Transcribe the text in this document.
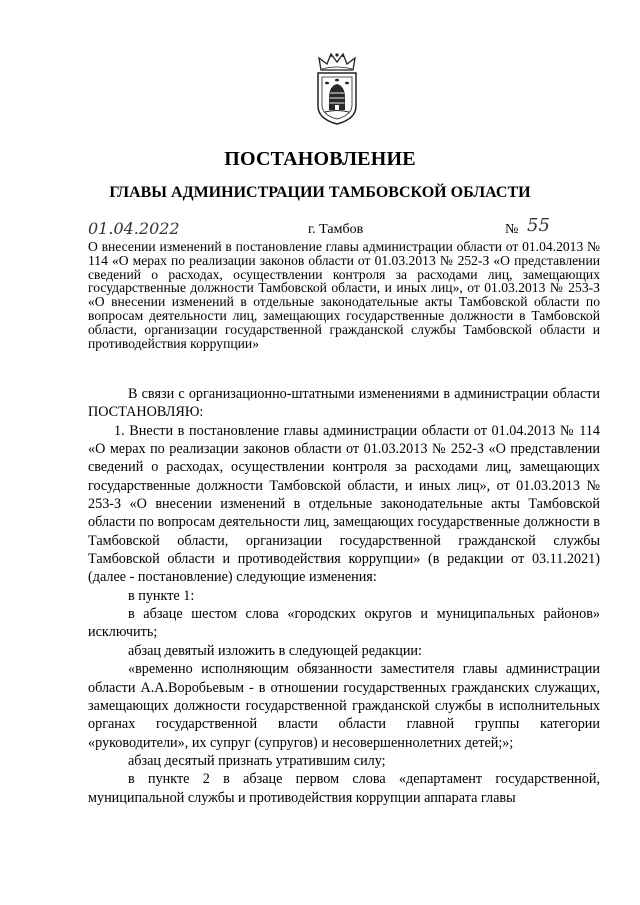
ПОСТАНОВЛЕНИЕ
ГЛАВЫ АДМИНИСТРАЦИИ ТАМБОВСКОЙ ОБЛАСТИ
01.04.2022	г. Тамбов	№ 55

О внесении изменений в постановление главы администрации области от 01.04.2013 № 114 «О мерах по реализации законов области от 01.03.2013 № 252-З «О представлении сведений о расходах, осуществлении контроля за расходами лиц, замещающих государственные должности Тамбовской области, и иных лиц», от 01.03.2013 № 253-З «О внесении изменений в отдельные законодательные акты Тамбовской области по вопросам деятельности лиц, замещающих государственные должности в Тамбовской области, организации государственной гражданской службы Тамбовской области и противодействия коррупции»

В связи с организационно-штатными изменениями в администрации области ПОСТАНОВЛЯЮ:

1. Внести в постановление главы администрации области от 01.04.2013 № 114 «О мерах по реализации законов области от 01.03.2013 № 252-З «О представлении сведений о расходах, осуществлении контроля за расходами лиц, замещающих государственные должности Тамбовской области, и иных лиц», от 01.03.2013 № 253-З «О внесении изменений в отдельные законодательные акты Тамбовской области по вопросам деятельности лиц, замещающих государственные должности в Тамбовской области, организации государственной гражданской службы Тамбовской области и противодействия коррупции» (в редакции от 03.11.2021) (далее - постановление) следующие изменения:

в пункте 1:

в абзаце шестом слова «городских округов и муниципальных районов» исключить;

абзац девятый изложить в следующей редакции:

«временно исполняющим обязанности заместителя главы администрации области А.А.Воробьевым - в отношении государственных гражданских служащих, замещающих должности государственной гражданской службы в исполнительных органах государственной власти области главной группы категории «руководители», их супруг (супругов) и несовершеннолетних детей;»;

абзац десятый признать утратившим силу;

в пункте 2 в абзаце первом слова «департамент государственной, муниципальной службы и противодействия коррупции аппарата главы
